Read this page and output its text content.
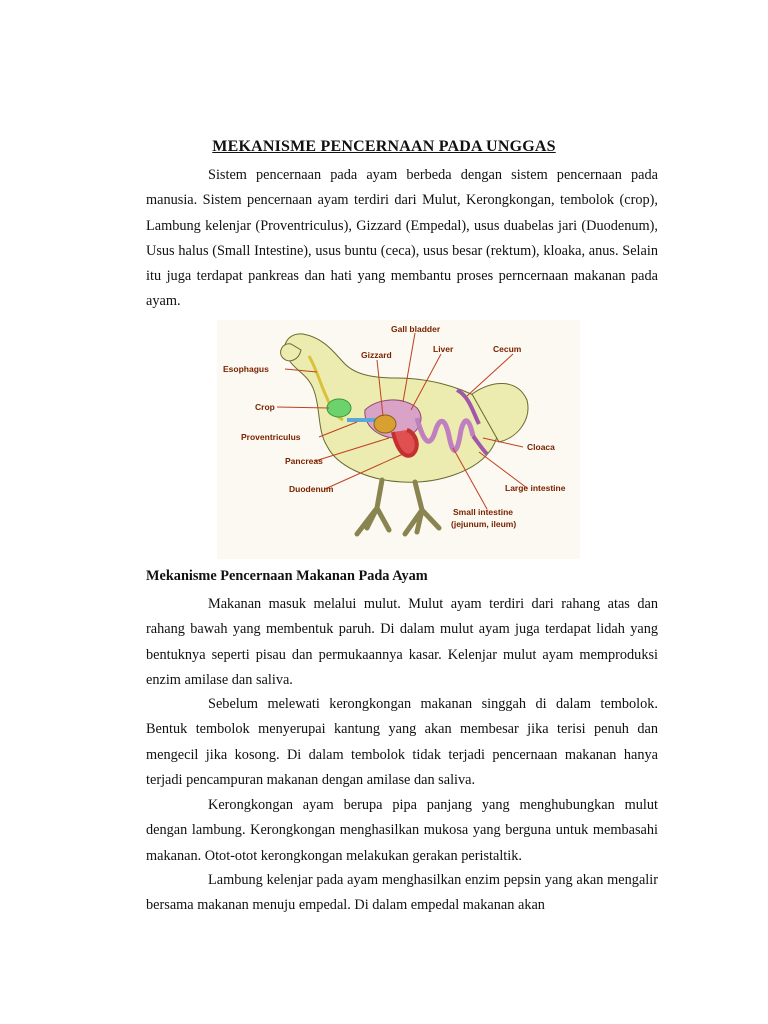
MEKANISME PENCERNAAN PADA UNGGAS

Sistem pencernaan pada ayam berbeda dengan sistem pencernaan pada manusia. Sistem pencernaan ayam terdiri dari Mulut, Kerongkongan, tembolok (crop), Lambung kelenjar (Proventriculus), Gizzard (Empedal), usus duabelas jari (Duodenum), Usus halus (Small Intestine), usus buntu (ceca), usus besar (rektum), kloaka, anus. Selain itu juga terdapat pankreas dan hati yang membantu proses perncernaan makanan pada ayam.

Gall bladder
Gizzard
Liver	Cecum
Esophagus
Crop
Proventriculus
Pancreas
Duodenum
Cloaca
Large intestine
Small intestine
(jejunum, ileum)
Mekanisme Pencernaan Makanan Pada Ayam

Makanan masuk melalui mulut. Mulut ayam terdiri dari rahang atas dan rahang bawah yang membentuk paruh. Di dalam mulut ayam juga terdapat lidah yang bentuknya seperti pisau dan permukaannya kasar. Kelenjar mulut ayam memproduksi enzim amilase dan saliva.

Sebelum melewati kerongkongan makanan singgah di dalam tembolok. Bentuk tembolok menyerupai kantung yang akan membesar jika terisi penuh dan mengecil jika kosong. Di dalam tembolok tidak terjadi pencernaan makanan hanya terjadi pencampuran makanan dengan amilase dan saliva.

Kerongkongan ayam berupa pipa panjang yang menghubungkan mulut dengan lambung. Kerongkongan menghasilkan mukosa yang berguna untuk membasahi makanan. Otot-otot kerongkongan melakukan gerakan peristaltik.

Lambung kelenjar pada ayam menghasilkan enzim pepsin yang akan mengalir bersama makanan menuju empedal. Di dalam empedal makanan akan
